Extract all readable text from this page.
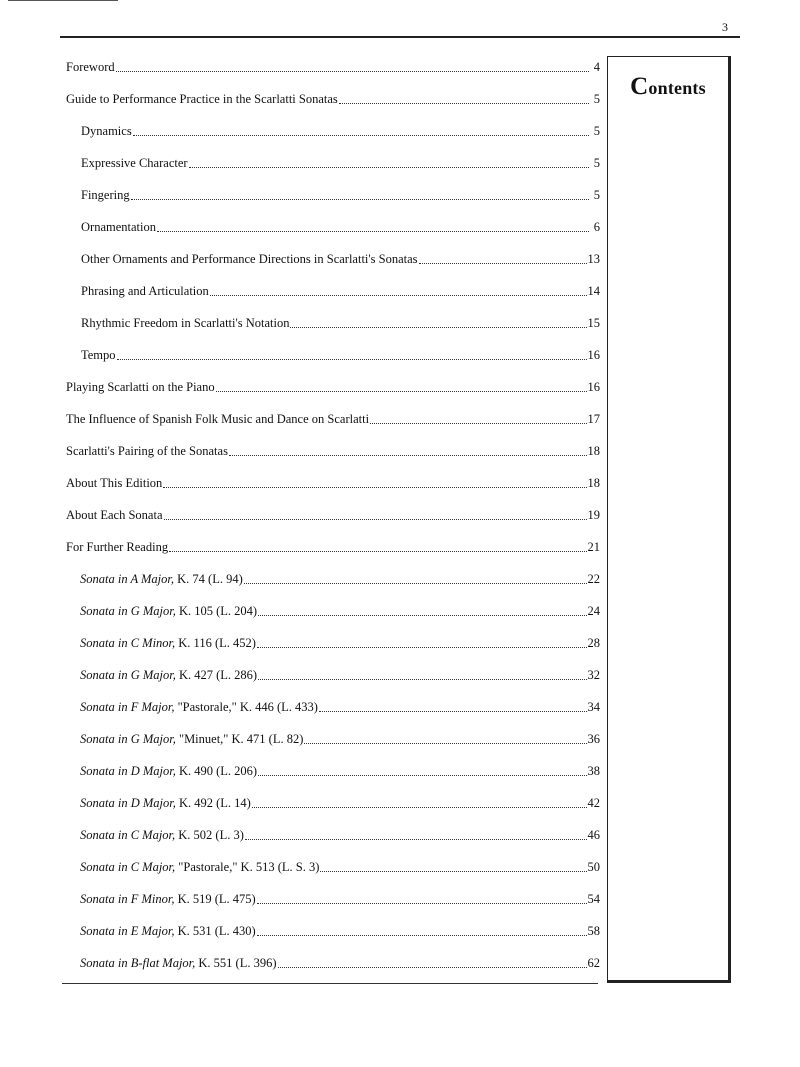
3
Foreword	4
Guide to Performance Practice in the Scarlatti Sonatas	5
Dynamics	5
Expressive Character	5
Fingering	5
Ornamentation	6
Other Ornaments and Performance Directions in Scarlatti's Sonatas	13
Phrasing and Articulation	14
Rhythmic Freedom in Scarlatti's Notation	15
Tempo	16
Playing Scarlatti on the Piano	16
The Influence of Spanish Folk Music and Dance on Scarlatti	17
Scarlatti's Pairing of the Sonatas	18
About This Edition	18
About Each Sonata	19
For Further Reading	21
Sonata in A Major, K. 74 (L. 94)	22
Sonata in G Major, K. 105 (L. 204)	24
Sonata in C Minor, K. 116 (L. 452)	28
Sonata in G Major, K. 427 (L. 286)	32
Sonata in F Major, "Pastorale," K. 446 (L. 433)	34
Sonata in G Major, "Minuet," K. 471 (L. 82)	36
Sonata in D Major, K. 490 (L. 206)	38
Sonata in D Major, K. 492 (L. 14)	42
Sonata in C Major, K. 502 (L. 3)	46
Sonata in C Major, "Pastorale," K. 513 (L. S. 3)	50
Sonata in F Minor, K. 519 (L. 475)	54
Sonata in E Major, K. 531 (L. 430)	58
Sonata in B-flat Major, K. 551 (L. 396)	62
Contents
